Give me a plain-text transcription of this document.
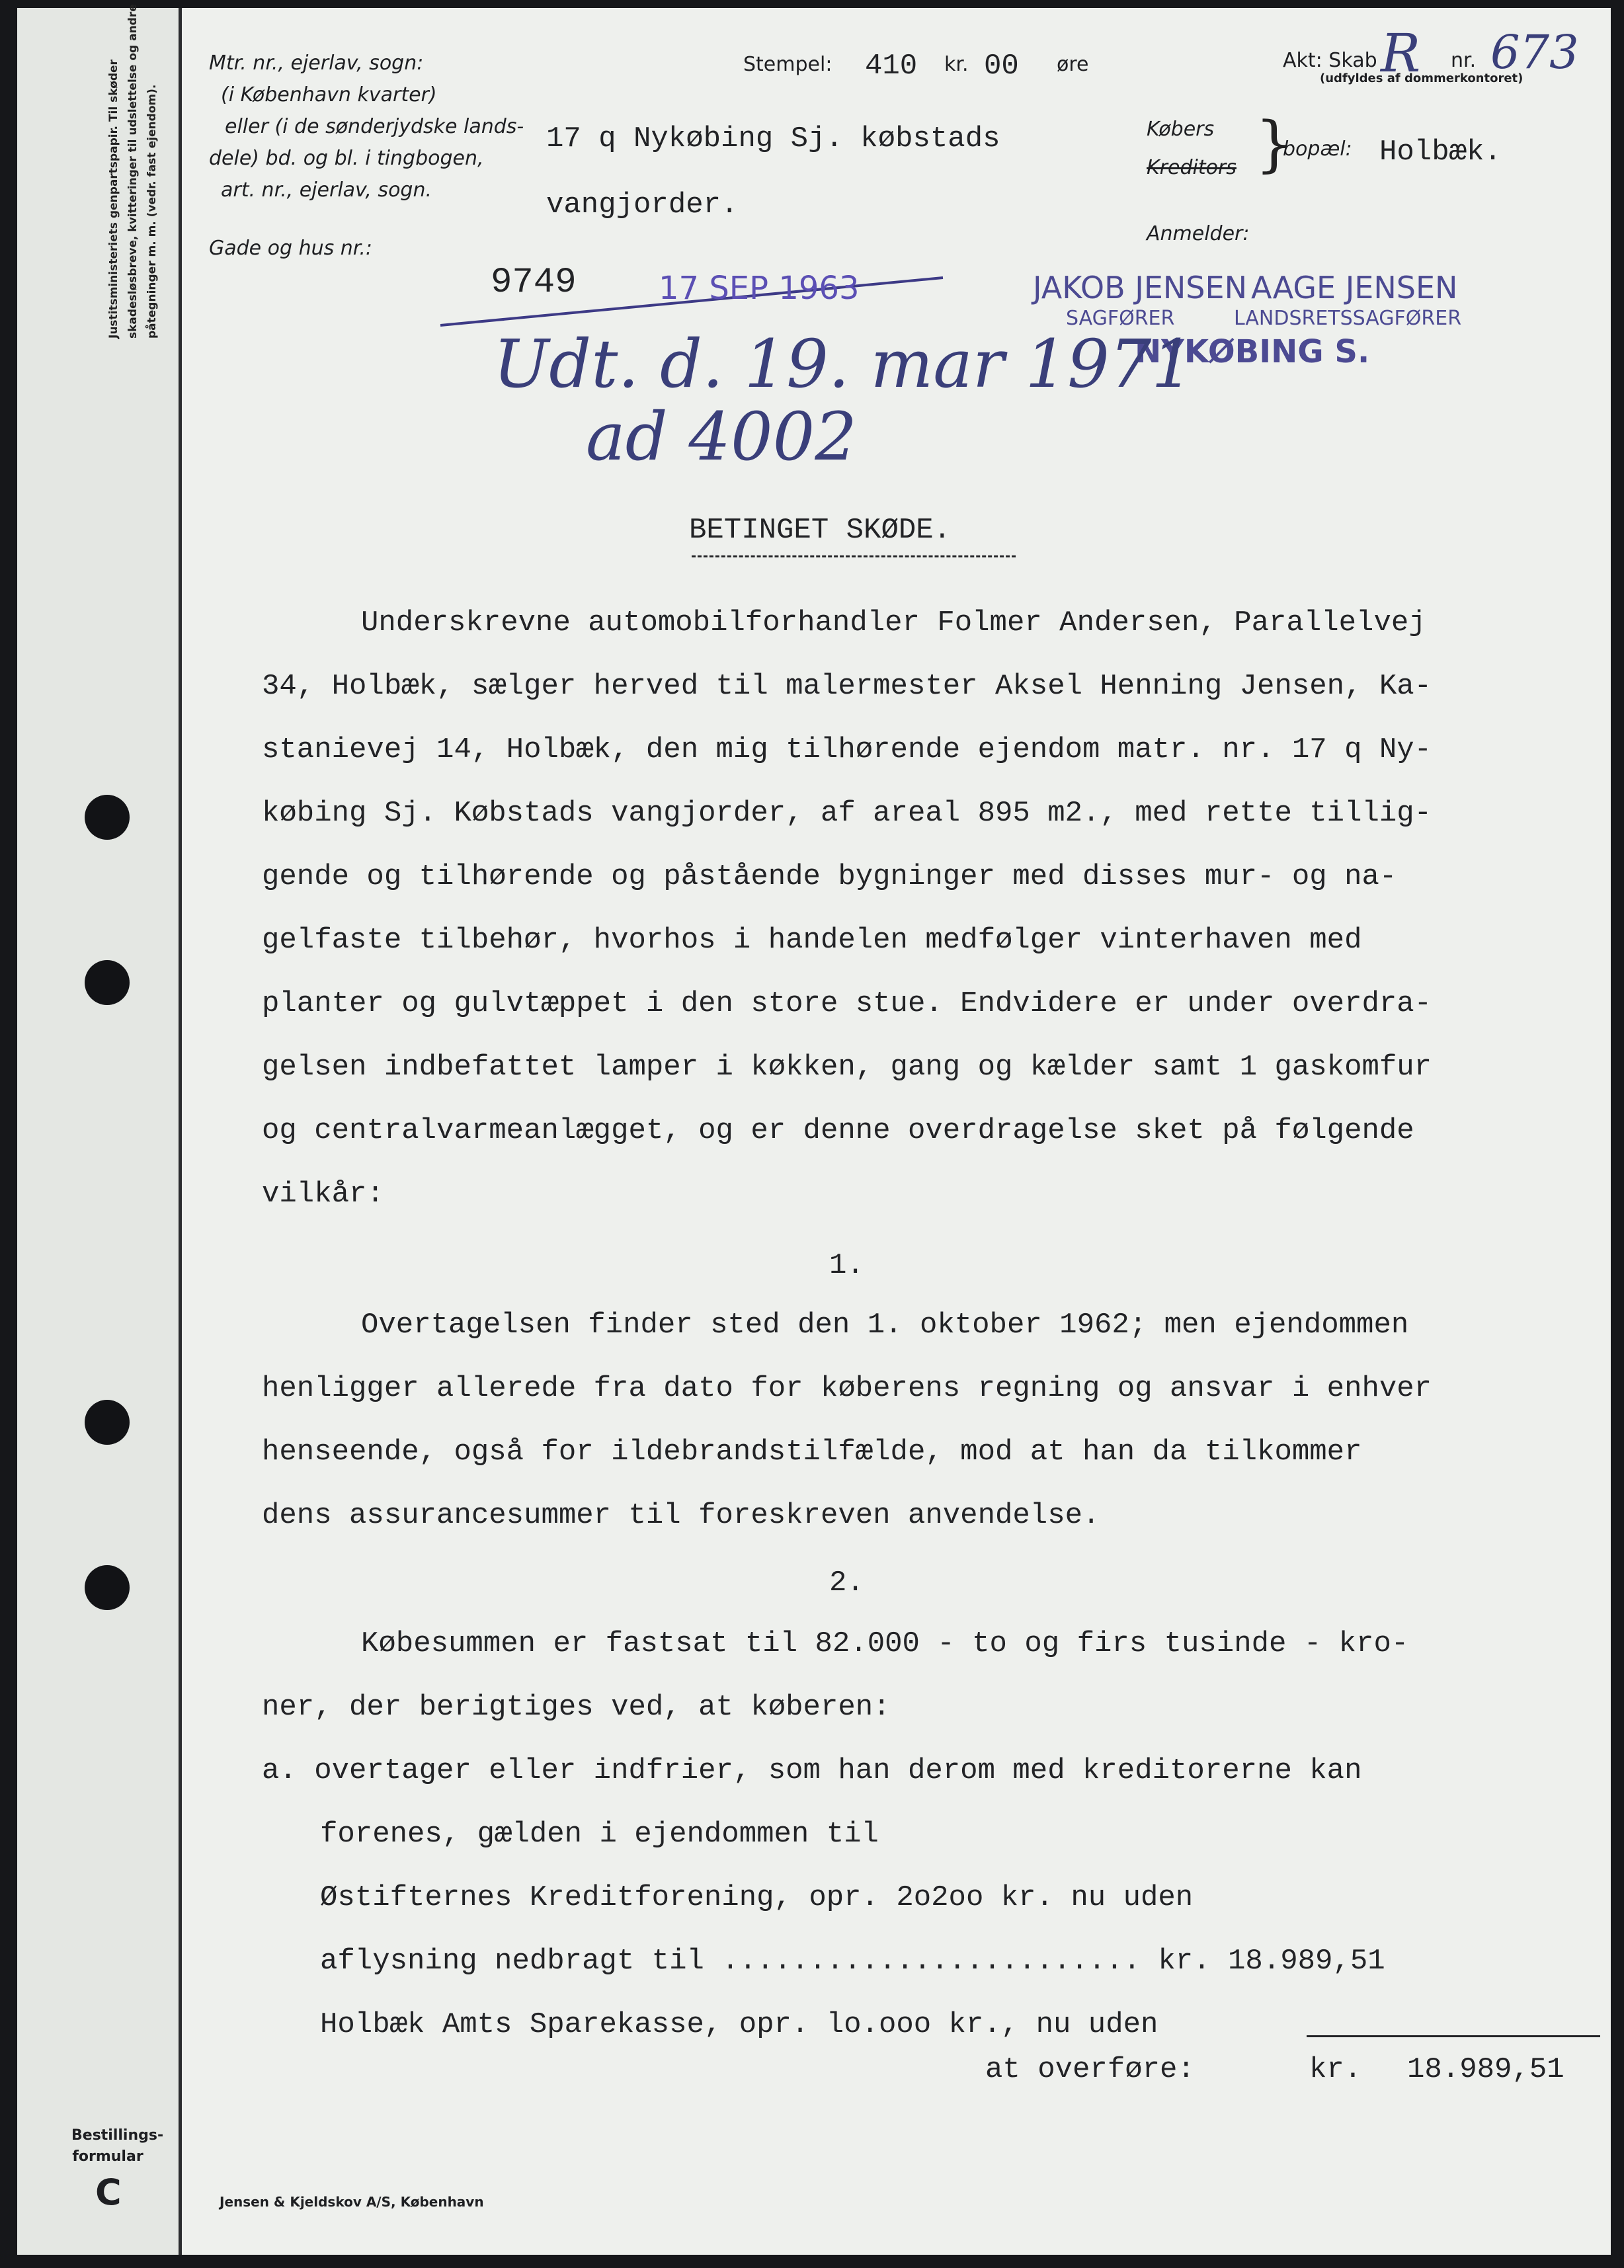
Justitsministeriets genpartspapir. Til skøder skadesløsbreve, kvitteringer til udslettelse og andre påtegninger m. m. (vedr. fast ejendom).
Bestillings-
formular
C
Mtr. nr., ejerlav, sogn:
(i København kvarter)
eller (i de sønderjydske lands-
dele) bd. og bl. i tingbogen,
art. nr., ejerlav, sogn.
Gade og hus nr.:
Stempel: 410 kr. 00 øre	Akt: Skab R nr. 673
(udfyldes af dommerkontoret)
17 q Nykøbing Sj. købstads
vangjorder.
Købers
Kreditors }
bopæl: Holbæk.
Anmelder:
9749	17 SEP 1963	JAKOB JENSEN
SAGFØRER
AAGE JENSEN
LANDSRETSSAGFØRER
NYKØBING S.
Udt. d. 19. mar 1971
ad 4002
BETINGET SKØDE.
Underskrevne automobilforhandler Folmer Andersen, Parallelvej
34, Holbæk, sælger herved til malermester Aksel Henning Jensen, Ka-
stanievej 14, Holbæk, den mig tilhørende ejendom matr. nr. 17 q Ny-
købing Sj. Købstads vangjorder, af areal 895 m2., med rette tillig-
gende og tilhørende og påstående bygninger med disses mur- og na-
gelfaste tilbehør, hvorhos i handelen medfølger vinterhaven med
planter og gulvtæppet i den store stue. Endvidere er under overdra-
gelsen indbefattet lamper i køkken, gang og kælder samt 1 gaskomfur
og centralvarmeanlægget, og er denne overdragelse sket på følgende
vilkår:
1.
Overtagelsen finder sted den 1. oktober 1962; men ejendommen
henligger allerede fra dato for køberens regning og ansvar i enhver
henseende, også for ildebrandstilfælde, mod at han da tilkommer
dens assurancesummer til foreskreven anvendelse.
2.
Købesummen er fastsat til 82.000 - to og firs tusinde - kro-
ner, der berigtiges ved, at køberen:
a. overtager eller indfrier, som han derom med kreditorerne kan
forenes, gælden i ejendommen til
Østifternes Kreditforening, opr. 2o2oo kr. nu uden
aflysning nedbragt til ........................ kr. 18.989,51
Holbæk Amts Sparekasse, opr. lo.ooo kr., nu uden
at overføre:	kr. 18.989,51
Jensen & Kjeldskov A/S, København
